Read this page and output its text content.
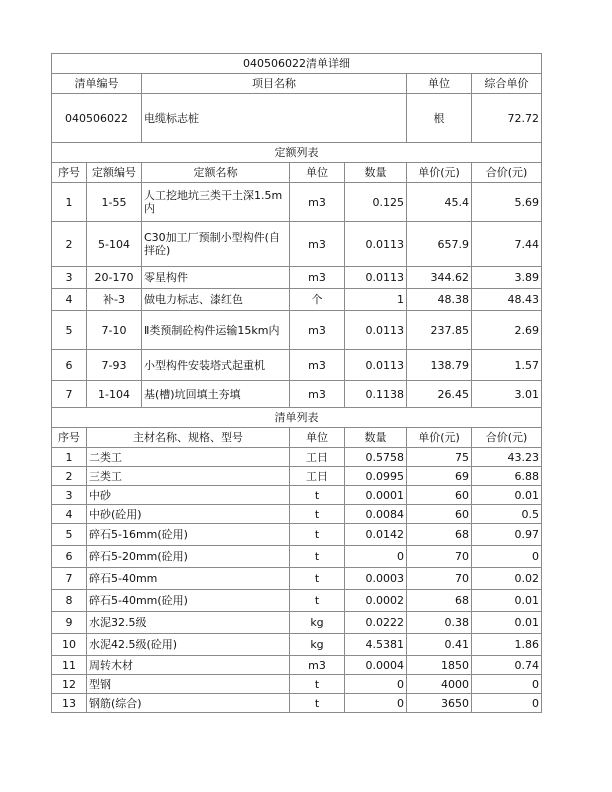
040506022清单详细						
清单编号		项目名称			单位	综合单价
040506022		电缆标志桩			根	72.72
定额列表						
序号	定额编号	定额名称	单位	数量	单价(元)	合价(元)
1	1-55	人工挖地坑三类干土深1.5m内	m3	0.125	45.4	5.69
2	5-104	C30加工厂预制小型构件(自拌砼)	m3	0.0113	657.9	7.44
3	20-170	零星构件	m3	0.0113	344.62	3.89
4	补-3	做电力标志、漆红色	个	1	48.38	48.43
5	7-10	Ⅱ类预制砼构件运输15km内	m3	0.0113	237.85	2.69
6	7-93	小型构件安装塔式起重机	m3	0.0113	138.79	1.57
7	1-104	基(槽)坑回填土夯填	m3	0.1138	26.45	3.01
清单列表						
序号	主材名称、规格、型号		单位	数量	单价(元)	合价(元)
1	二类工		工日	0.5758	75	43.23
2	三类工		工日	0.0995	69	6.88
3	中砂		t	0.0001	60	0.01
4	中砂(砼用)		t	0.0084	60	0.5
5	碎石5-16mm(砼用)		t	0.0142	68	0.97
6	碎石5-20mm(砼用)		t	0	70	0
7	碎石5-40mm		t	0.0003	70	0.02
8	碎石5-40mm(砼用)		t	0.0002	68	0.01
9	水泥32.5级		kg	0.0222	0.38	0.01
10	水泥42.5级(砼用)		kg	4.5381	0.41	1.86
11	周转木材		m3	0.0004	1850	0.74
12	型钢		t	0	4000	0
13	钢筋(综合)		t	0	3650	0
